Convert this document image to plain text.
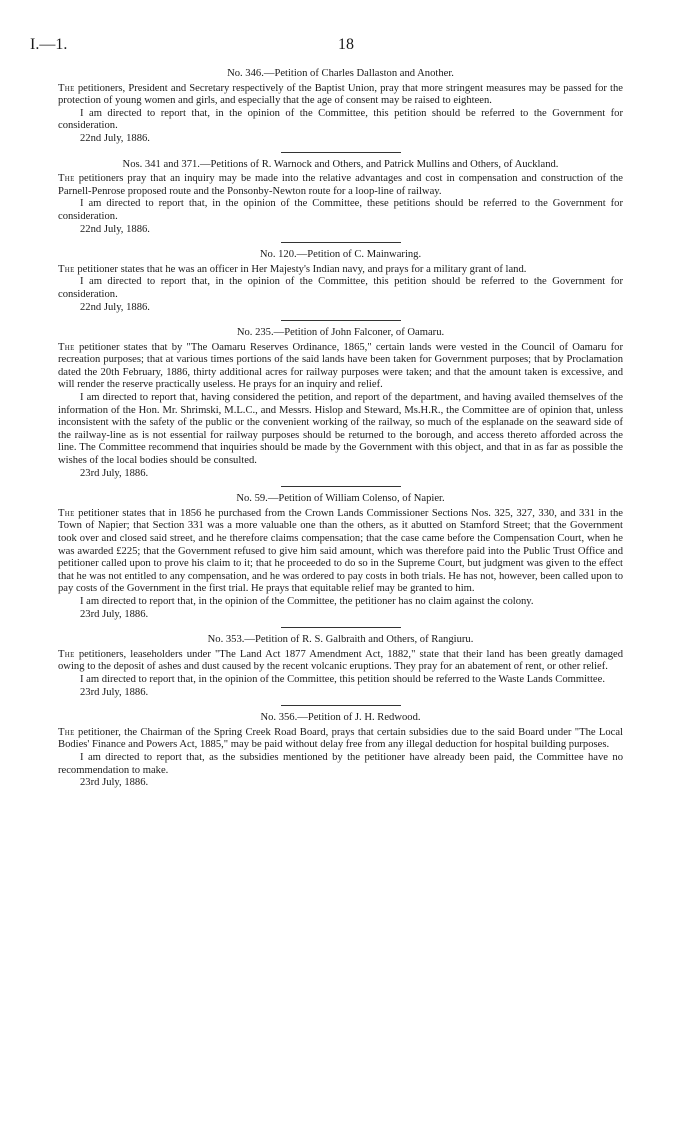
I.—1.	18

No. 346.—Petition of Charles Dallaston and Another.

The petitioners, President and Secretary respectively of the Baptist Union, pray that more stringent measures may be passed for the protection of young women and girls, and especially that the age of consent may be raised to eighteen.

I am directed to report that, in the opinion of the Committee, this petition should be referred to the Government for consideration.

22nd July, 1886.

Nos. 341 and 371.—Petitions of R. Warnock and Others, and Patrick Mullins and Others, of Auckland.

The petitioners pray that an inquiry may be made into the relative advantages and cost in compensation and construction of the Parnell-Penrose proposed route and the Ponsonby-Newton route for a loop-line of railway.

I am directed to report that, in the opinion of the Committee, these petitions should be referred to the Government for consideration.

22nd July, 1886.

No. 120.—Petition of C. Mainwaring.

The petitioner states that he was an officer in Her Majesty's Indian navy, and prays for a military grant of land.

I am directed to report that, in the opinion of the Committee, this petition should be referred to the Government for consideration.

22nd July, 1886.

No. 235.—Petition of John Falconer, of Oamaru.

The petitioner states that by "The Oamaru Reserves Ordinance, 1865," certain lands were vested in the Council of Oamaru for recreation purposes; that at various times portions of the said lands have been taken for Government purposes; that by Proclamation dated the 20th February, 1886, thirty additional acres for railway purposes were taken; and that the amount taken is excessive, and will render the reserve practically useless. He prays for an inquiry and relief.

I am directed to report that, having considered the petition, and report of the department, and having availed themselves of the information of the Hon. Mr. Shrimski, M.L.C., and Messrs. Hislop and Steward, Ms.H.R., the Committee are of opinion that, unless inconsistent with the safety of the public or the convenient working of the railway, so much of the esplanade on the seaward side of the railway-line as is not essential for railway purposes should be returned to the borough, and access thereto afforded across the line. The Committee recommend that inquiries should be made by the Government with this object, and that in as far as possible the wishes of the local bodies should be consulted.

23rd July, 1886.

No. 59.—Petition of William Colenso, of Napier.

The petitioner states that in 1856 he purchased from the Crown Lands Commissioner Sections Nos. 325, 327, 330, and 331 in the Town of Napier; that Section 331 was a more valuable one than the others, as it abutted on Stamford Street; that the Government took over and closed said street, and he therefore claims compensation; that the case came before the Compensation Court, when he was awarded £225; that the Government refused to give him said amount, which was therefore paid into the Public Trust Office and petitioner called upon to prove his claim to it; that he proceeded to do so in the Supreme Court, but judgment was given to the effect that he was not entitled to any compensation, and he was ordered to pay costs in both trials. He has not, however, been called upon to pay costs of the Government in the first trial. He prays that equitable relief may be granted to him.

I am directed to report that, in the opinion of the Committee, the petitioner has no claim against the colony.

23rd July, 1886.

No. 353.—Petition of R. S. Galbraith and Others, of Rangiuru.

The petitioners, leaseholders under "The Land Act 1877 Amendment Act, 1882," state that their land has been greatly damaged owing to the deposit of ashes and dust caused by the recent volcanic eruptions. They pray for an abatement of rent, or other relief.

I am directed to report that, in the opinion of the Committee, this petition should be referred to the Waste Lands Committee.

23rd July, 1886.

No. 356.—Petition of J. H. Redwood.

The petitioner, the Chairman of the Spring Creek Road Board, prays that certain subsidies due to the said Board under "The Local Bodies' Finance and Powers Act, 1885," may be paid without delay free from any illegal deduction for hospital building purposes.

I am directed to report that, as the subsidies mentioned by the petitioner have already been paid, the Committee have no recommendation to make.

23rd July, 1886.
